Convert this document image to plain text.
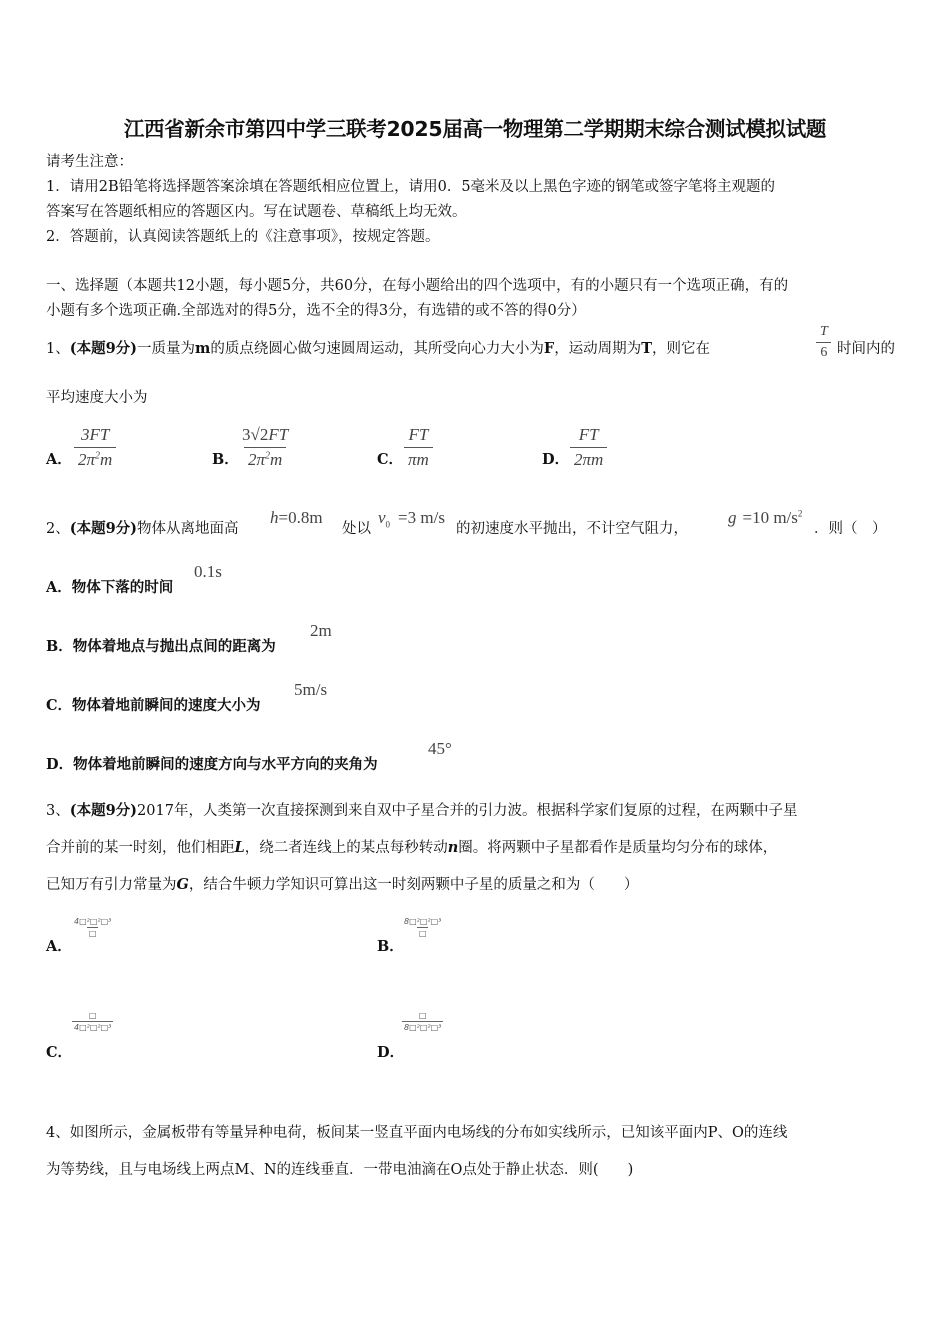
江西省新余市第四中学三联考2025届高一物理第二学期期末综合测试模拟试题
请考生注意：
1．请用2B铅笔将选择题答案涂填在答题纸相应位置上，请用0．5毫米及以上黑色字迹的钢笔或签字笔将主观题的
答案写在答题纸相应的答题区内。写在试题卷、草稿纸上均无效。
2．答题前，认真阅读答题纸上的《注意事项》，按规定答题。
一、选择题（本题共12小题，每小题5分，共60分，在每小题给出的四个选项中，有的小题只有一个选项正确，有的
小题有多个选项正确.全部选对的得5分，选不全的得3分，有选错的或不答的得0分）
1、(本题9分)一质量为m的质点绕圆心做匀速圆周运动，其所受向心力大小为F，运动周期为T，则它在	$\frac{T}{6}$ 时间内的
平均速度大小为
A． $\frac{3FT}{2\pi^2m}$	B． $\frac{3√2FT}{2\pi^2m}$	C． $\frac{FT}{\pi m}$	D． $\frac{FT}{2\pi m}$
2、(本题9分)物体从离地面高
h=0.8m
处以
$v_0 =3$ m/s
的初速度水平抛出，不计空气阻力，
g =10 $m/s^2$
．则（　）
A．物体下落的时间
0.1s
B．物体着地点与抛出点间的距离为
2m
C．物体着地前瞬间的速度大小为
5m/s
D．物体着地前瞬间的速度方向与水平方向的夹角为
45°
3、(本题9分)2017年，人类第一次直接探测到来自双中子星合并的引力波。根据科学家们复原的过程，在两颗中子星
合并前的某一时刻，他们相距L，绕二者连线上的某点每秒转动n圈。将两颗中子星都看作是质量均匀分布的球体，
已知万有引力常量为G，结合牛顿力学知识可算出这一时刻两颗中子星的质量之和为（　　）
A．
4□²□²□³
□
B．
8□²□²□³
□
C．
□
4□²□²□³
D．
□
8□²□²□³
4、如图所示，金属板带有等量异种电荷，板间某一竖直平面内电场线的分布如实线所示，已知该平面内P、O的连线
为等势线，且与电场线上两点M、N的连线垂直．一带电油滴在O点处于静止状态．则(　　)
